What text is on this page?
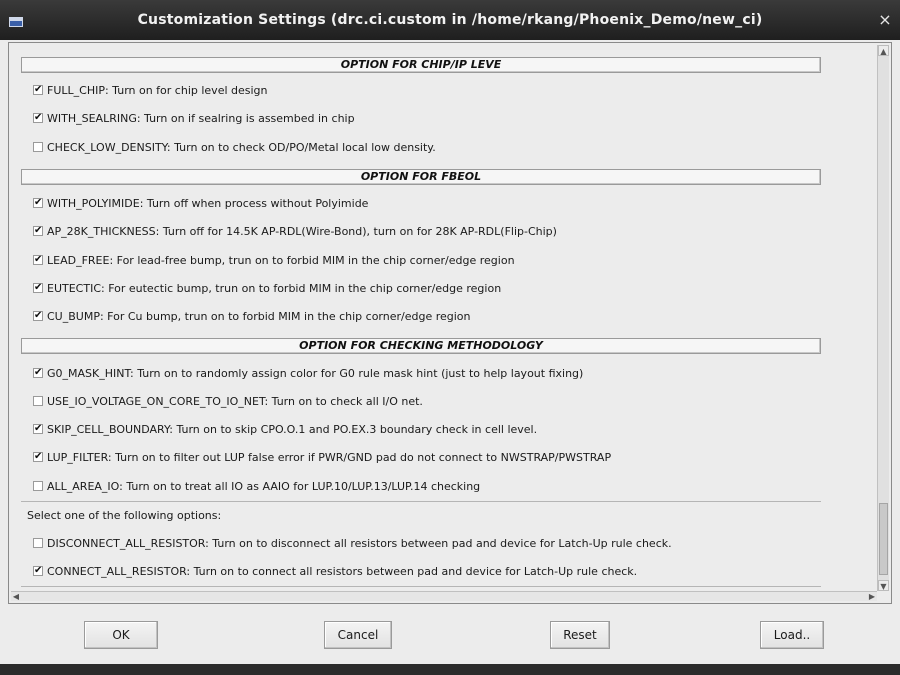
Customization Settings (drc.ci.custom in /home/rkang/Phoenix_Demo/new_ci)	×
OPTION FOR CHIP/IP LEVE
✔ FULL_CHIP: Turn on for chip level design
✔ WITH_SEALRING: Turn on if sealring is assembed in chip
CHECK_LOW_DENSITY: Turn on to check OD/PO/Metal local low density.
OPTION FOR FBEOL
✔ WITH_POLYIMIDE: Turn off when process without Polyimide
✔ AP_28K_THICKNESS: Turn off for 14.5K AP-RDL(Wire-Bond), turn on for 28K AP-RDL(Flip-Chip)
✔ LEAD_FREE: For lead-free bump, trun on to forbid MIM in the chip corner/edge region
✔ EUTECTIC: For eutectic bump, trun on to forbid MIM in the chip corner/edge region
✔ CU_BUMP: For Cu bump, trun on to forbid MIM in the chip corner/edge region
OPTION FOR CHECKING METHODOLOGY
✔ G0_MASK_HINT: Turn on to randomly assign color for G0 rule mask hint (just to help layout fixing)
USE_IO_VOLTAGE_ON_CORE_TO_IO_NET: Turn on to check all I/O net.
✔ SKIP_CELL_BOUNDARY: Turn on to skip CPO.O.1 and PO.EX.3 boundary check in cell level.
✔ LUP_FILTER: Turn on to filter out LUP false error if PWR/GND pad do not connect to NWSTRAP/PWSTRAP
ALL_AREA_IO: Turn on to treat all IO as AAIO for LUP.10/LUP.13/LUP.14 checking
Select one of the following options:
DISCONNECT_ALL_RESISTOR: Turn on to disconnect all resistors between pad and device for Latch-Up rule check.
✔ CONNECT_ALL_RESISTOR: Turn on to connect all resistors between pad and device for Latch-Up rule check.
▲
▼
◀	▶
OK	Cancel	Reset	Load..
